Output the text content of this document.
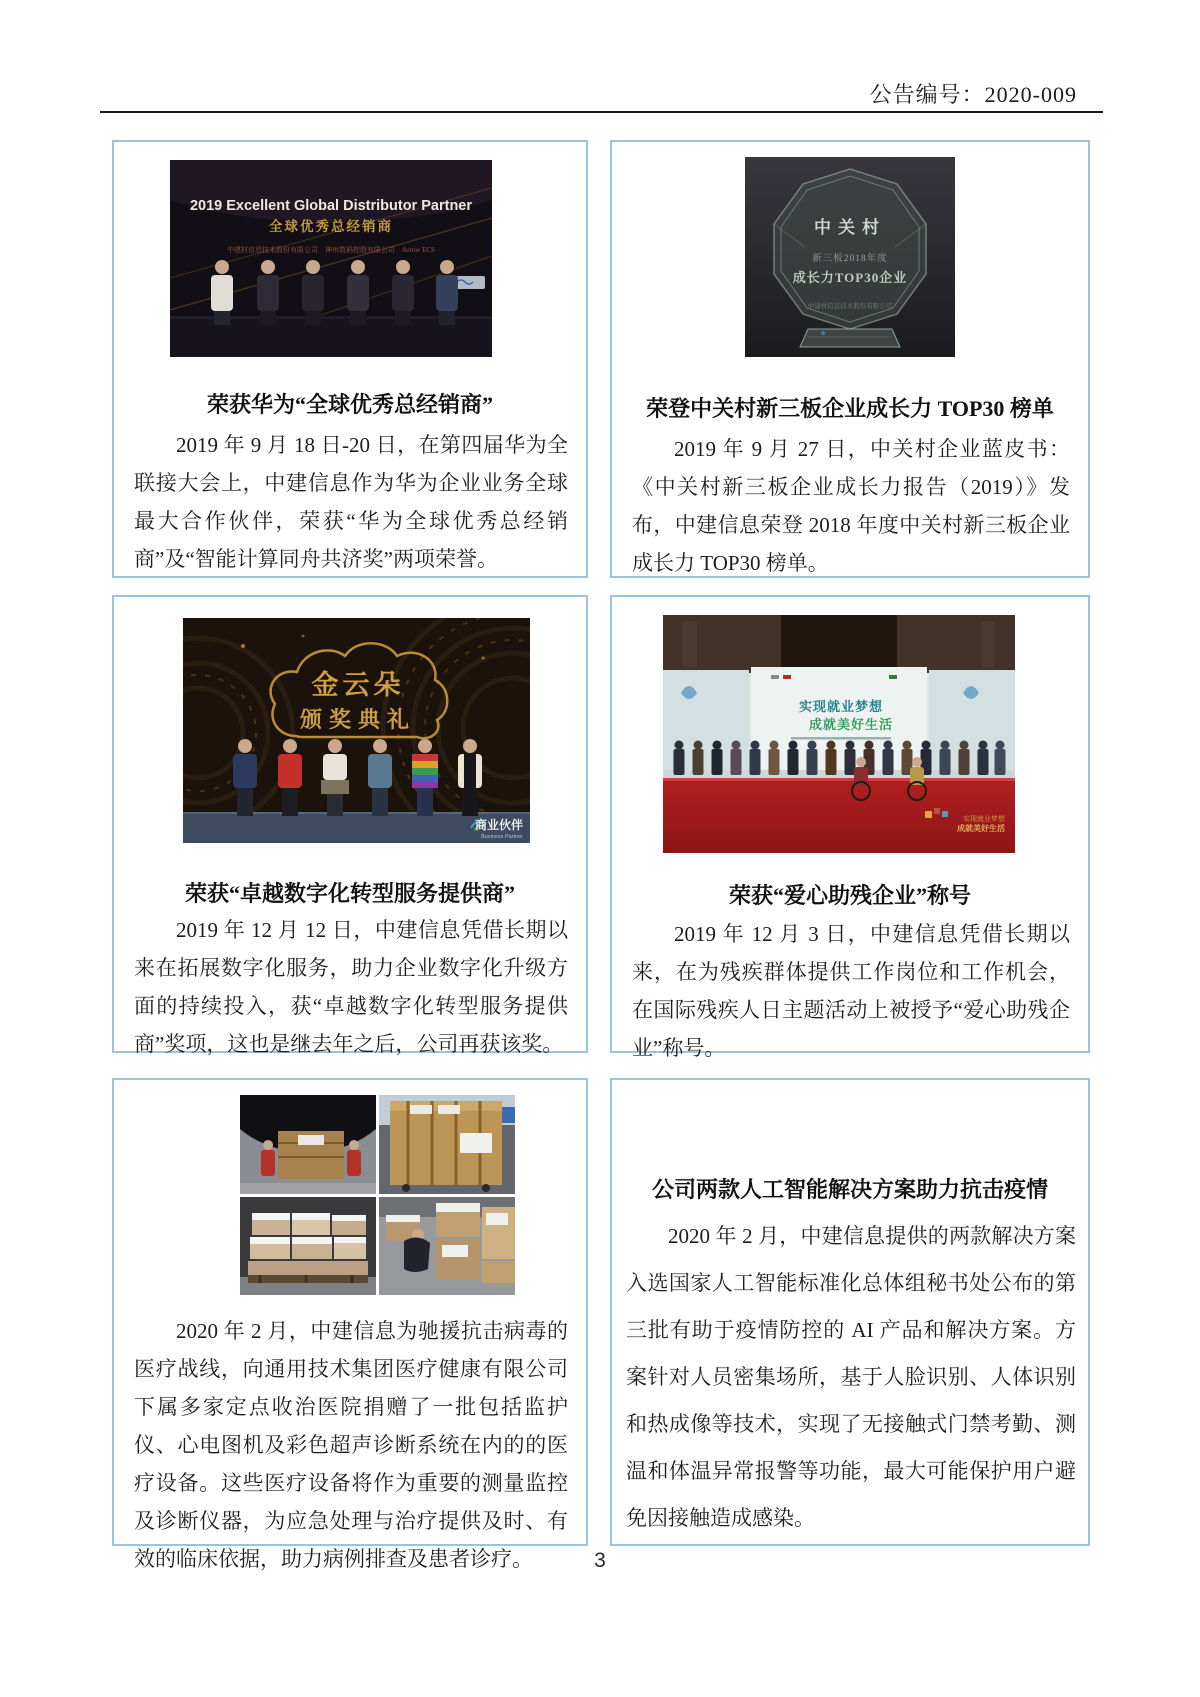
公告编号：2020-009
2019 Excellent Global Distributor Partner
全球优秀总经销商
中建材信息技术股份有限公司　神州数码控股有限公司　Arrow ECS
荣获华为“全球优秀总经销商”
2019 年 9 月 18 日-20 日，在第四届华为全联接大会上，中建信息作为华为企业业务全球最大合作伙伴，荣获“华为全球优秀总经销商”及“智能计算同舟共济奖”两项荣誉。
中关村
新三板2018年度
成长力TOP30企业
中建材信息技术股份有限公司
荣登中关村新三板企业成长力 TOP30 榜单
2019 年 9 月 27 日，中关村企业蓝皮书：《中关村新三板企业成长力报告（2019）》发布，中建信息荣登 2018 年度中关村新三板企业成长力 TOP30 榜单。
金云朵
颁奖典礼
商业伙伴
Business Partner
荣获“卓越数字化转型服务提供商”
2019 年 12 月 12 日，中建信息凭借长期以来在拓展数字化服务，助力企业数字化升级方面的持续投入，获“卓越数字化转型服务提供商”奖项，这也是继去年之后，公司再获该奖。
实现就业梦想
成就美好生活
实现就业梦想
成就美好生活
荣获“爱心助残企业”称号
2019 年 12 月 3 日，中建信息凭借长期以来，在为残疾群体提供工作岗位和工作机会，在国际残疾人日主题活动上被授予“爱心助残企业”称号。
2020 年 2 月，中建信息为驰援抗击病毒的医疗战线，向通用技术集团医疗健康有限公司下属多家定点收治医院捐赠了一批包括监护仪、心电图机及彩色超声诊断系统在内的的医疗设备。这些医疗设备将作为重要的测量监控及诊断仪器，为应急处理与治疗提供及时、有效的临床依据，助力病例排查及患者诊疗。
公司两款人工智能解决方案助力抗击疫情
2020 年 2 月，中建信息提供的两款解决方案入选国家人工智能标准化总体组秘书处公布的第三批有助于疫情防控的 AI 产品和解决方案。方案针对人员密集场所，基于人脸识别、人体识别和热成像等技术，实现了无接触式门禁考勤、测温和体温异常报警等功能，最大可能保护用户避免因接触造成感染。
3
